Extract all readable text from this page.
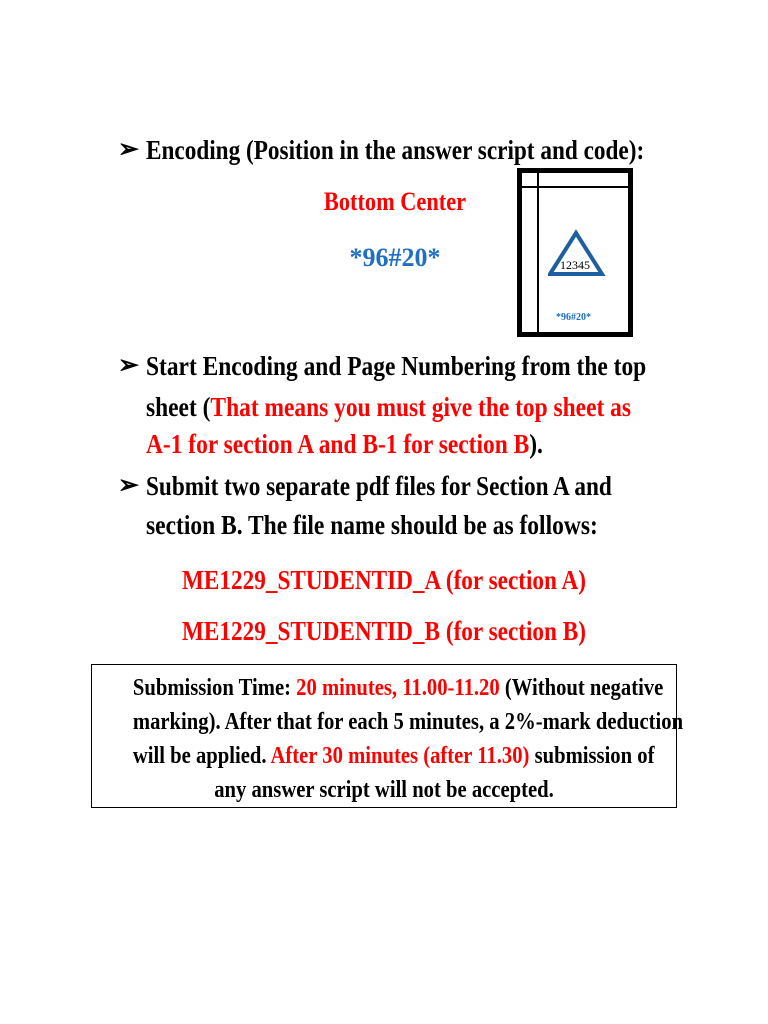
➢ Encoding (Position in the answer script and code):
Bottom Center
*96#20*	12345
*96#20*
➢ Start Encoding and Page Numbering from the top
sheet (That means you must give the top sheet as
A-1 for section A and B-1 for section B).
➢ Submit two separate pdf files for Section A and
section B. The file name should be as follows:
ME1229_STUDENTID_A (for section A)
ME1229_STUDENTID_B (for section B)
Submission Time: 20 minutes, 11.00-11.20 (Without negative
marking). After that for each 5 minutes, a 2%-mark deduction
will be applied. After 30 minutes (after 11.30) submission of
any answer script will not be accepted.
